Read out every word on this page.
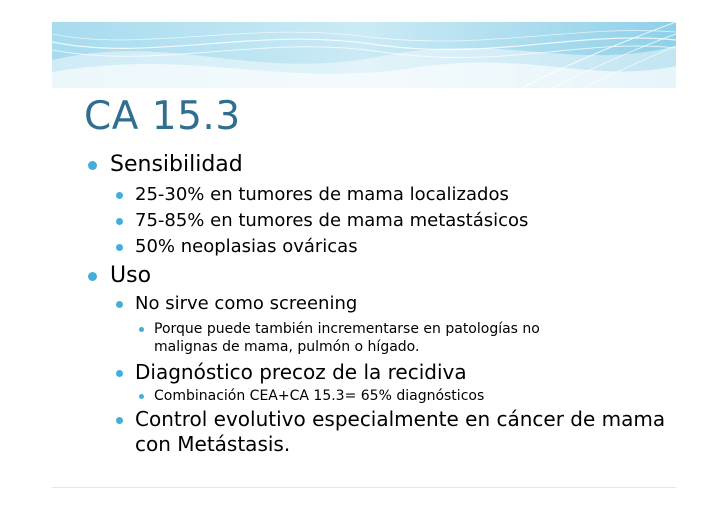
CA 15.3
Sensibilidad
25-30% en tumores de mama localizados
75-85% en tumores de mama metastásicos
50% neoplasias ováricas
Uso
No sirve como screening
Porque puede también incrementarse en patologías no
malignas de mama, pulmón o hígado.
Diagnóstico precoz de la recidiva
Combinación CEA+CA 15.3= 65% diagnósticos
Control evolutivo especialmente en cáncer de mama
con Metástasis.
